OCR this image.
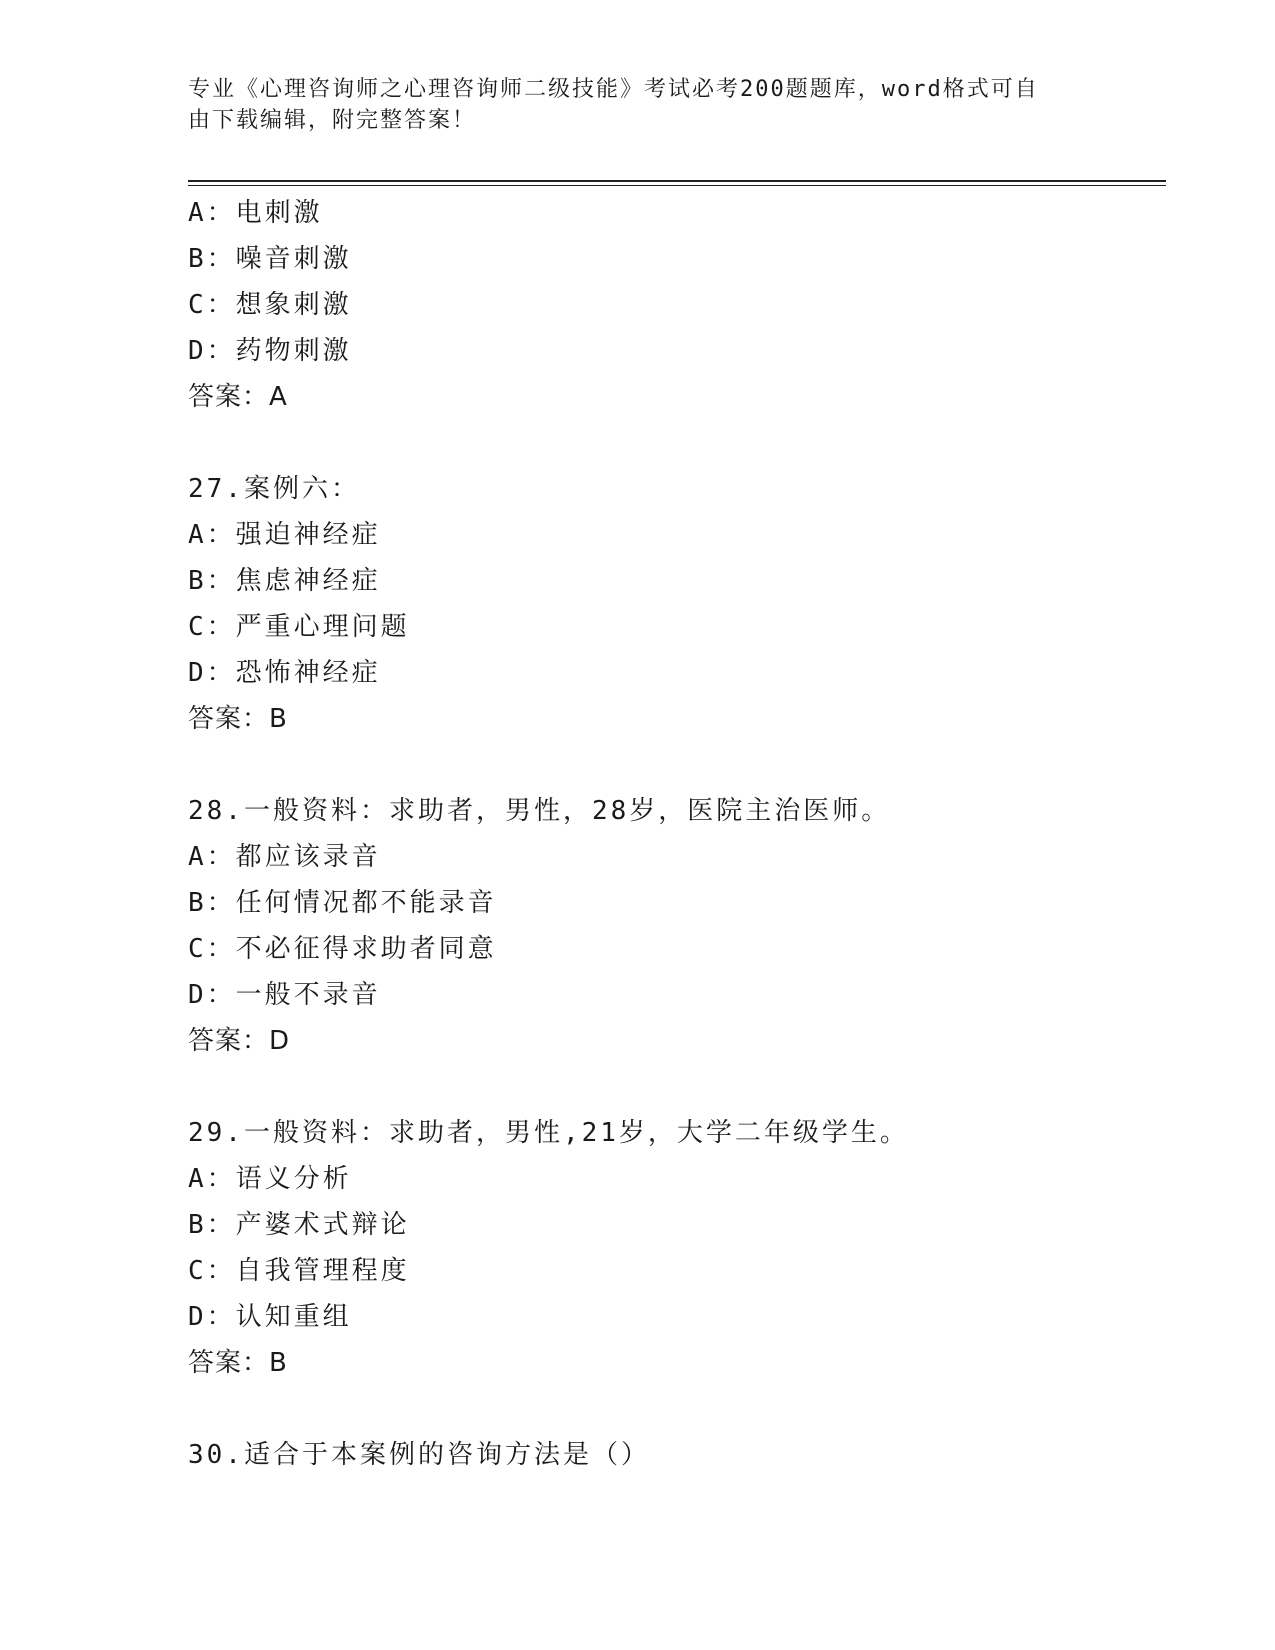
专业《心理咨询师之心理咨询师二级技能》考试必考200题题库，word格式可自
由下载编辑，附完整答案！
A：电刺激
B：噪音刺激
C：想象刺激
D：药物刺激
答案：A
27.案例六：
A：强迫神经症
B：焦虑神经症
C：严重心理问题
D：恐怖神经症
答案：B
28.一般资料：求助者，男性，28岁，医院主治医师。
A：都应该录音
B：任何情况都不能录音
C：不必征得求助者同意
D：一般不录音
答案：D
29.一般资料：求助者，男性,21岁，大学二年级学生。
A：语义分析
B：产婆术式辩论
C：自我管理程度
D：认知重组
答案：B
30.适合于本案例的咨询方法是（）
